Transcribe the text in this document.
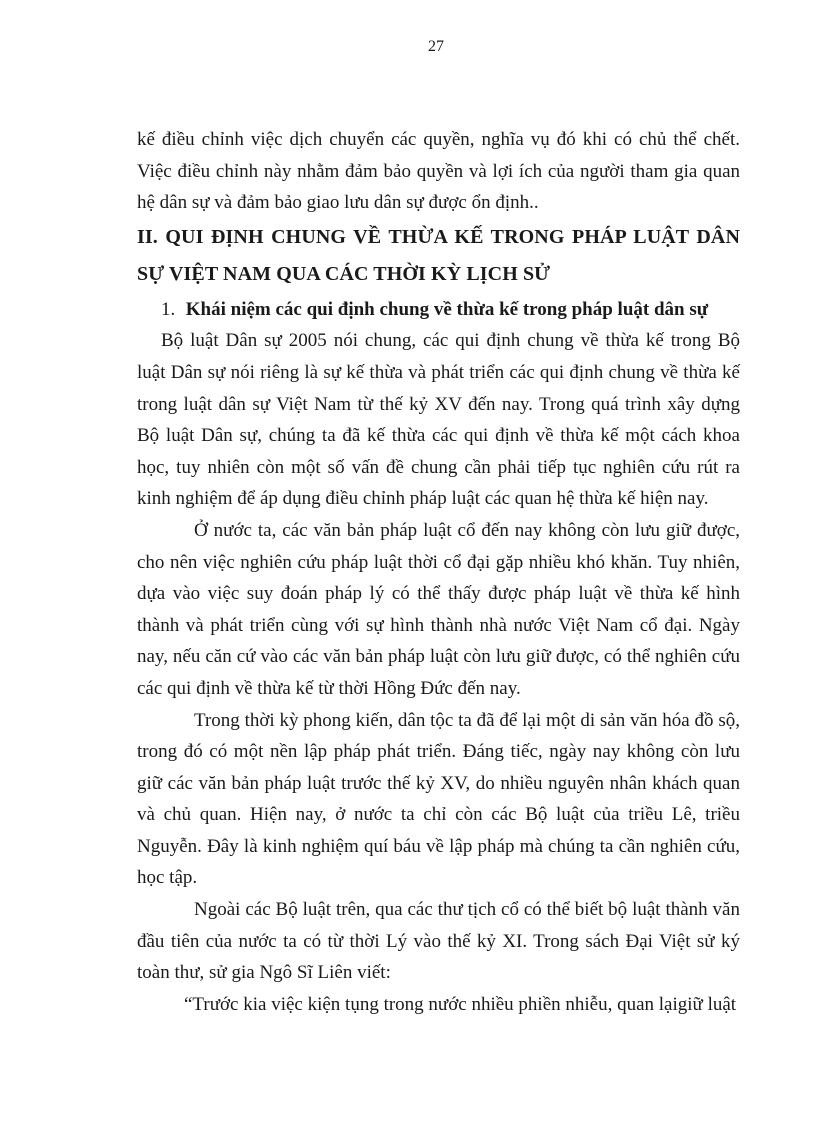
27

kế điều chỉnh việc dịch chuyển các quyền, nghĩa vụ đó khi có chủ thể chết. Việc điều chỉnh này nhằm đảm bảo quyền và lợi ích của người tham gia quan hệ dân sự và đảm bảo giao lưu dân sự được ổn định..

II. QUI ĐỊNH CHUNG VỀ THỪA KẾ TRONG PHÁP LUẬT DÂN SỰ VIỆT NAM QUA CÁC THỜI KỲ LỊCH SỬ
1. Khái niệm các qui định chung về thừa kế trong pháp luật dân sự

Bộ luật Dân sự 2005 nói chung, các qui định chung về thừa kế trong Bộ luật Dân sự nói riêng là sự kế thừa và phát triển các qui định chung về thừa kế trong luật dân sự Việt Nam từ thế kỷ XV đến nay. Trong quá trình xây dựng Bộ luật Dân sự, chúng ta đã kế thừa các qui định về thừa kế một cách khoa học, tuy nhiên còn một số vấn đề chung cần phải tiếp tục nghiên cứu rút ra kinh nghiệm để áp dụng điều chỉnh pháp luật các quan hệ thừa kế hiện nay.

Ở nước ta, các văn bản pháp luật cổ đến nay không còn lưu giữ được, cho nên việc nghiên cứu pháp luật thời cổ đại gặp nhiều khó khăn. Tuy nhiên, dựa vào việc suy đoán pháp lý có thể thấy được pháp luật về thừa kế hình thành và phát triển cùng với sự hình thành nhà nước Việt Nam cổ đại. Ngày nay, nếu căn cứ vào các văn bản pháp luật còn lưu giữ được, có thể nghiên cứu các qui định về thừa kế từ thời Hồng Đức đến nay.

Trong thời kỳ phong kiến, dân tộc ta đã để lại một di sản văn hóa đồ sộ, trong đó có một nền lập pháp phát triển. Đáng tiếc, ngày nay không còn lưu giữ các văn bản pháp luật trước thế kỷ XV, do nhiều nguyên nhân khách quan và chủ quan. Hiện nay, ở nước ta chỉ còn các Bộ luật của triều Lê, triều Nguyễn. Đây là kinh nghiệm quí báu về lập pháp mà chúng ta cần nghiên cứu, học tập.

Ngoài các Bộ luật trên, qua các thư tịch cổ có thể biết bộ luật thành văn đầu tiên của nước ta có từ thời Lý vào thế kỷ XI. Trong sách Đại Việt sử ký toàn thư, sử gia Ngô Sĩ Liên viết:

“Trước kia việc kiện tụng trong nước nhiều phiền nhiễu, quan lạigiữ luật
